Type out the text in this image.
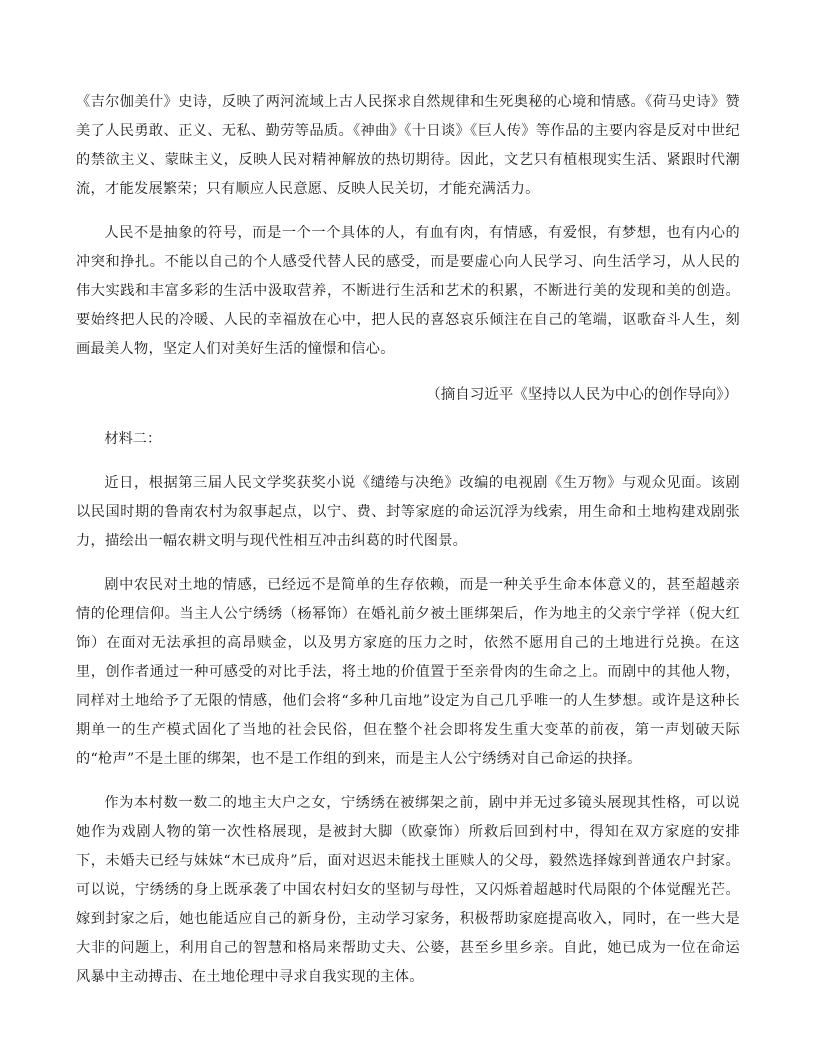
《吉尔伽美什》史诗，反映了两河流域上古人民探求自然规律和生死奥秘的心境和情感。《荷马史诗》赞美了人民勇敢、正义、无私、勤劳等品质。《神曲》《十日谈》《巨人传》等作品的主要内容是反对中世纪的禁欲主义、蒙昧主义，反映人民对精神解放的热切期待。因此，文艺只有植根现实生活、紧跟时代潮流，才能发展繁荣；只有顺应人民意愿、反映人民关切，才能充满活力。

人民不是抽象的符号，而是一个一个具体的人，有血有肉，有情感，有爱恨，有梦想，也有内心的冲突和挣扎。不能以自己的个人感受代替人民的感受，而是要虚心向人民学习、向生活学习，从人民的伟大实践和丰富多彩的生活中汲取营养，不断进行生活和艺术的积累，不断进行美的发现和美的创造。要始终把人民的冷暖、人民的幸福放在心中，把人民的喜怒哀乐倾注在自己的笔端，讴歌奋斗人生，刻画最美人物，坚定人们对美好生活的憧憬和信心。

（摘自习近平《坚持以人民为中心的创作导向》）

材料二：

近日，根据第三届人民文学奖获奖小说《缱绻与决绝》改编的电视剧《生万物》与观众见面。该剧以民国时期的鲁南农村为叙事起点，以宁、费、封等家庭的命运沉浮为线索，用生命和土地构建戏剧张力，描绘出一幅农耕文明与现代性相互冲击纠葛的时代图景。

剧中农民对土地的情感，已经远不是简单的生存依赖，而是一种关乎生命本体意义的，甚至超越亲情的伦理信仰。当主人公宁绣绣（杨幂饰）在婚礼前夕被土匪绑架后，作为地主的父亲宁学祥（倪大红饰）在面对无法承担的高昂赎金，以及男方家庭的压力之时，依然不愿用自己的土地进行兑换。在这里，创作者通过一种可感受的对比手法，将土地的价值置于至亲骨肉的生命之上。而剧中的其他人物，同样对土地给予了无限的情感，他们会将“多种几亩地”设定为自己几乎唯一的人生梦想。或许是这种长期单一的生产模式固化了当地的社会民俗，但在整个社会即将发生重大变革的前夜，第一声划破天际的“枪声”不是土匪的绑架，也不是工作组的到来，而是主人公宁绣绣对自己命运的抉择。

作为本村数一数二的地主大户之女，宁绣绣在被绑架之前，剧中并无过多镜头展现其性格，可以说她作为戏剧人物的第一次性格展现，是被封大脚（欧豪饰）所救后回到村中，得知在双方家庭的安排下，未婚夫已经与妹妹“木已成舟”后，面对迟迟未能找土匪赎人的父母，毅然选择嫁到普通农户封家。可以说，宁绣绣的身上既承袭了中国农村妇女的坚韧与母性，又闪烁着超越时代局限的个体觉醒光芒。嫁到封家之后，她也能适应自己的新身份，主动学习家务，积极帮助家庭提高收入，同时，在一些大是大非的问题上，利用自己的智慧和格局来帮助丈夫、公婆，甚至乡里乡亲。自此，她已成为一位在命运风暴中主动搏击、在土地伦理中寻求自我实现的主体。
